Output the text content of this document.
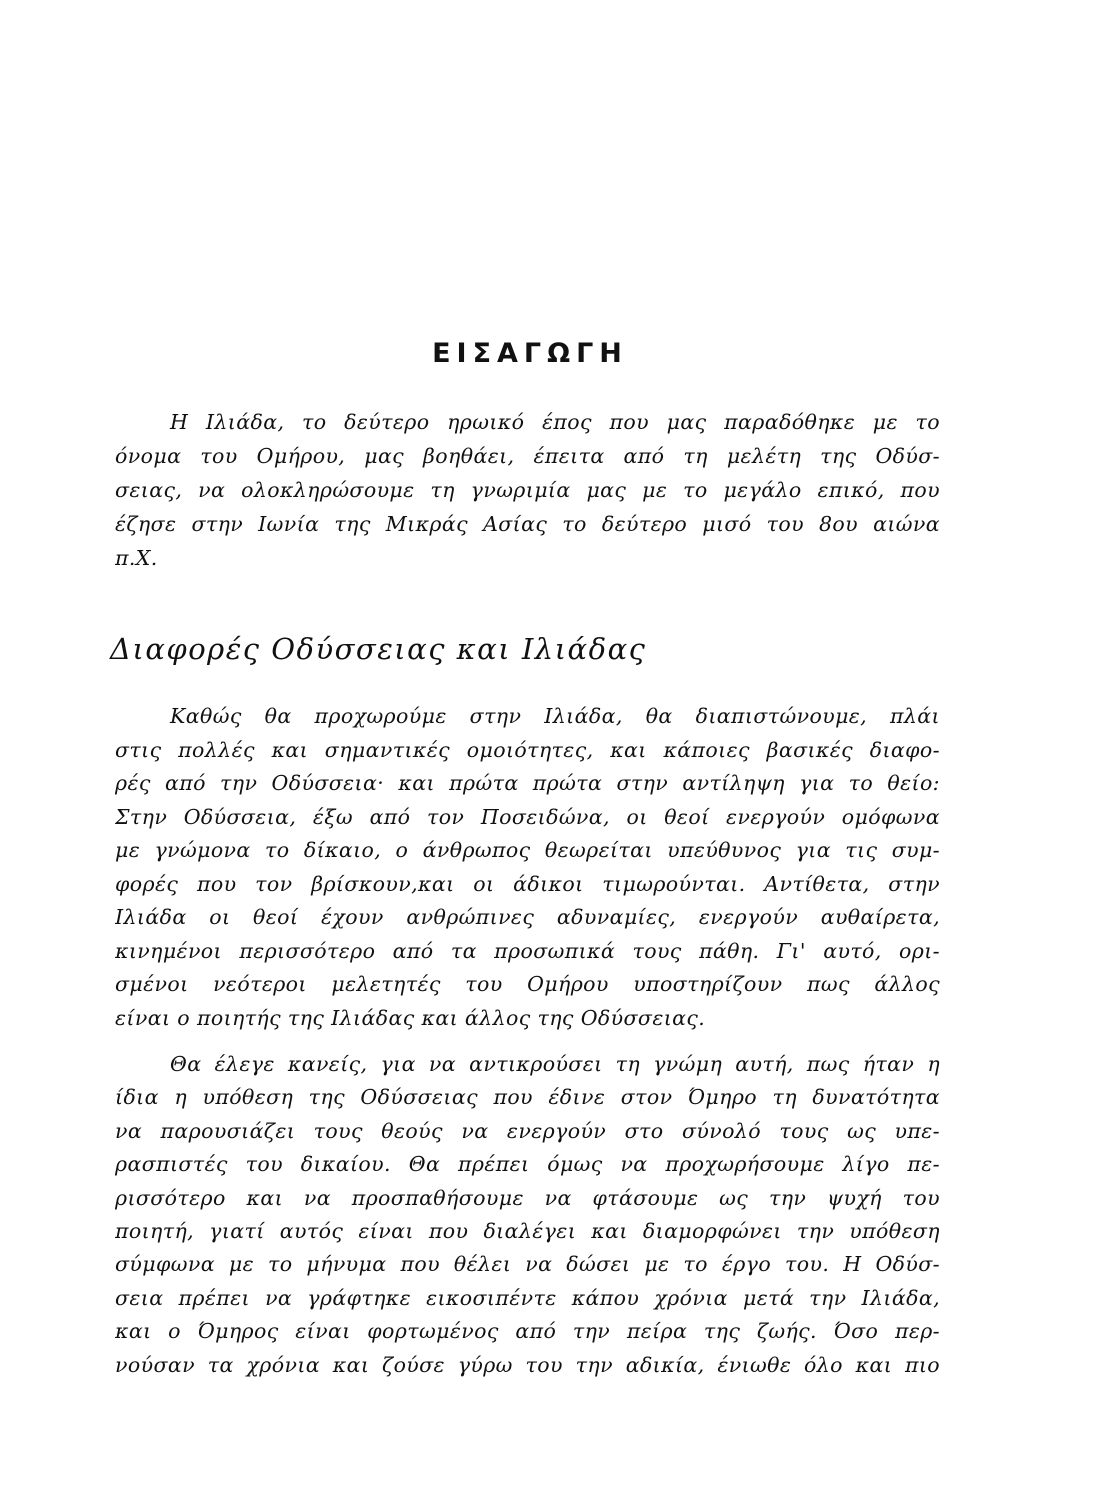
ΕΙΣΑΓΩΓΗ
Η Ιλιάδα, το δεύτερο ηρωικό έπος που μας παραδόθηκε με το
όνομα του Ομήρου, μας βοηθάει, έπειτα από τη μελέτη της Οδύσ-
σειας, να ολοκληρώσουμε τη γνωριμία μας με το μεγάλο επικό, που
έζησε στην Ιωνία της Μικράς Ασίας το δεύτερο μισό του 8ου αιώνα
π.Χ.
Διαφορές Οδύσσειας και Ιλιάδας
Καθώς θα προχωρούμε στην Ιλιάδα, θα διαπιστώνουμε, πλάι
στις πολλές και σημαντικές ομοιότητες, και κάποιες βασικές διαφο-
ρές από την Οδύσσεια· και πρώτα πρώτα στην αντίληψη για το θείο:
Στην Οδύσσεια, έξω από τον Ποσειδώνα, οι θεοί ενεργούν ομόφωνα
με γνώμονα το δίκαιο, ο άνθρωπος θεωρείται υπεύθυνος για τις συμ-
φορές που τον βρίσκουν,και οι άδικοι τιμωρούνται. Αντίθετα, στην
Ιλιάδα οι θεοί έχουν ανθρώπινες αδυναμίες, ενεργούν αυθαίρετα,
κινημένοι περισσότερο από τα προσωπικά τους πάθη. Γι' αυτό, ορι-
σμένοι νεότεροι μελετητές του Ομήρου υποστηρίζουν πως άλλος
είναι ο ποιητής της Ιλιάδας και άλλος της Οδύσσειας.
Θα έλεγε κανείς, για να αντικρούσει τη γνώμη αυτή, πως ήταν η
ίδια η υπόθεση της Οδύσσειας που έδινε στον Όμηρο τη δυνατότητα
να παρουσιάζει τους θεούς να ενεργούν στο σύνολό τους ως υπε-
ρασπιστές του δικαίου. Θα πρέπει όμως να προχωρήσουμε λίγο πε-
ρισσότερο και να προσπαθήσουμε να φτάσουμε ως την ψυχή του
ποιητή, γιατί αυτός είναι που διαλέγει και διαμορφώνει την υπόθεση
σύμφωνα με το μήνυμα που θέλει να δώσει με το έργο του. Η Οδύσ-
σεια πρέπει να γράφτηκε εικοσιπέντε κάπου χρόνια μετά την Ιλιάδα,
και ο Όμηρος είναι φορτωμένος από την πείρα της ζωής. Όσο περ-
νούσαν τα χρόνια και ζούσε γύρω του την αδικία, ένιωθε όλο και πιο
